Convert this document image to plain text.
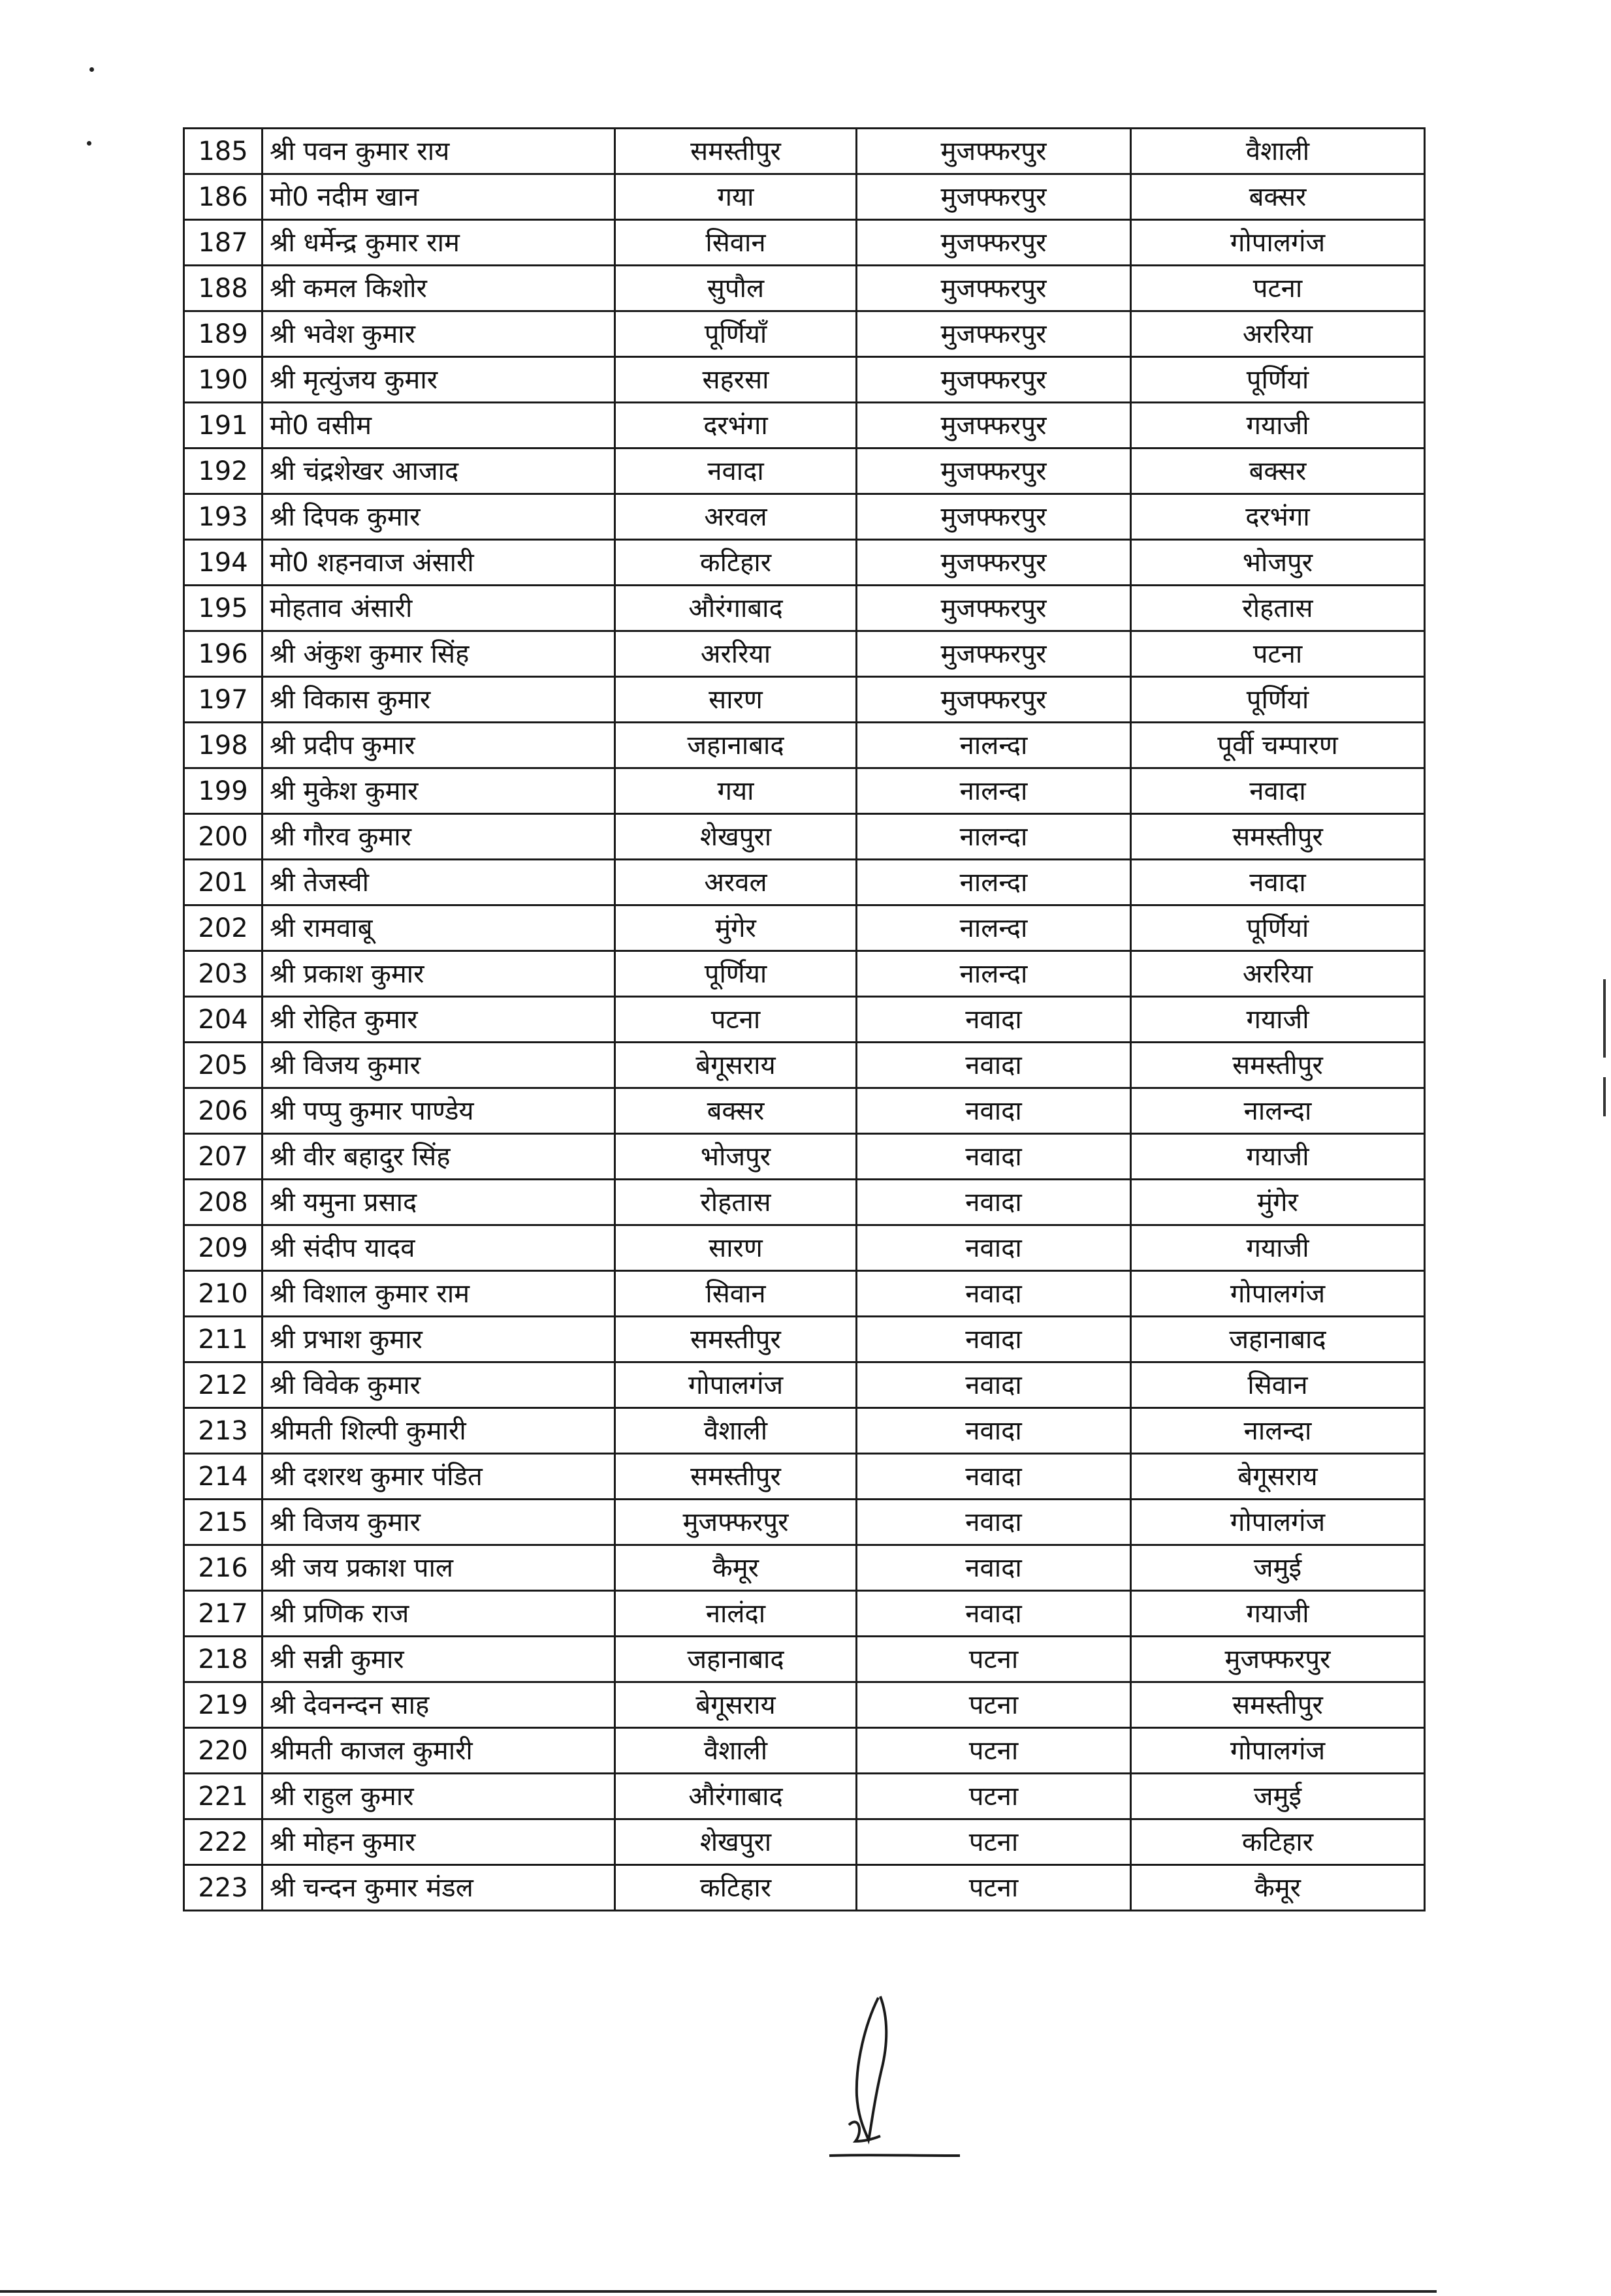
185	श्री पवन कुमार राय	समस्तीपुर	मुजफ्फरपुर	वैशाली
186	मो0 नदीम खान	गया	मुजफ्फरपुर	बक्सर
187	श्री धर्मेन्द्र कुमार राम	सिवान	मुजफ्फरपुर	गोपालगंज
188	श्री कमल किशोर	सुपौल	मुजफ्फरपुर	पटना
189	श्री भवेश कुमार	पूर्णियाँ	मुजफ्फरपुर	अररिया
190	श्री मृत्युंजय कुमार	सहरसा	मुजफ्फरपुर	पूर्णियां
191	मो0 वसीम	दरभंगा	मुजफ्फरपुर	गयाजी
192	श्री चंद्रशेखर आजाद	नवादा	मुजफ्फरपुर	बक्सर
193	श्री दिपक कुमार	अरवल	मुजफ्फरपुर	दरभंगा
194	मो0 शहनवाज अंसारी	कटिहार	मुजफ्फरपुर	भोजपुर
195	मोहताव अंसारी	औरंगाबाद	मुजफ्फरपुर	रोहतास
196	श्री अंकुश कुमार सिंह	अररिया	मुजफ्फरपुर	पटना
197	श्री विकास कुमार	सारण	मुजफ्फरपुर	पूर्णियां
198	श्री प्रदीप कुमार	जहानाबाद	नालन्दा	पूर्वी चम्पारण
199	श्री मुकेश कुमार	गया	नालन्दा	नवादा
200	श्री गौरव कुमार	शेखपुरा	नालन्दा	समस्तीपुर
201	श्री तेजस्वी	अरवल	नालन्दा	नवादा
202	श्री रामवाबू	मुंगेर	नालन्दा	पूर्णियां
203	श्री प्रकाश कुमार	पूर्णिया	नालन्दा	अररिया
204	श्री रोहित कुमार	पटना	नवादा	गयाजी
205	श्री विजय कुमार	बेगूसराय	नवादा	समस्तीपुर
206	श्री पप्पु कुमार पाण्डेय	बक्सर	नवादा	नालन्दा
207	श्री वीर बहादुर सिंह	भोजपुर	नवादा	गयाजी
208	श्री यमुना प्रसाद	रोहतास	नवादा	मुंगेर
209	श्री संदीप यादव	सारण	नवादा	गयाजी
210	श्री विशाल कुमार राम	सिवान	नवादा	गोपालगंज
211	श्री प्रभाश कुमार	समस्तीपुर	नवादा	जहानाबाद
212	श्री विवेक कुमार	गोपालगंज	नवादा	सिवान
213	श्रीमती शिल्पी कुमारी	वैशाली	नवादा	नालन्दा
214	श्री दशरथ कुमार पंडित	समस्तीपुर	नवादा	बेगूसराय
215	श्री विजय कुमार	मुजफ्फरपुर	नवादा	गोपालगंज
216	श्री जय प्रकाश पाल	कैमूर	नवादा	जमुई
217	श्री प्रणिक राज	नालंदा	नवादा	गयाजी
218	श्री सन्नी कुमार	जहानाबाद	पटना	मुजफ्फरपुर
219	श्री देवनन्दन साह	बेगूसराय	पटना	समस्तीपुर
220	श्रीमती काजल कुमारी	वैशाली	पटना	गोपालगंज
221	श्री राहुल कुमार	औरंगाबाद	पटना	जमुई
222	श्री मोहन कुमार	शेखपुरा	पटना	कटिहार
223	श्री चन्दन कुमार मंडल	कटिहार	पटना	कैमूर
